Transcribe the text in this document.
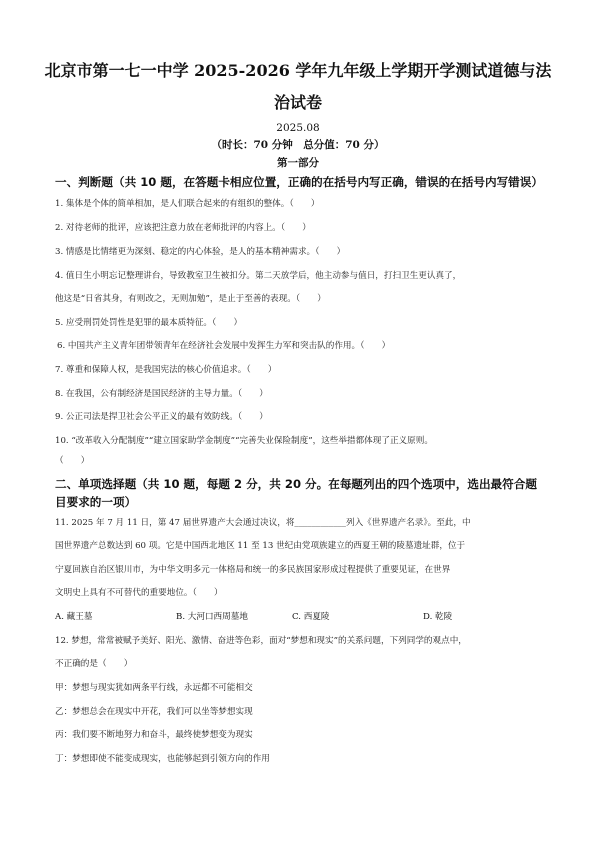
北京市第一七一中学 2025-2026 学年九年级上学期开学测试道德与法
治试卷
2025.08
（时长：70 分钟　总分值：70 分）
第一部分
一、判断题（共 10 题，在答题卡相应位置，正确的在括号内写正确，错误的在括号内写错误）
1. 集体是个体的简单相加，是人们联合起来的有组织的整体。（　　）
2. 对待老师的批评，应该把注意力放在老师批评的内容上。（　　）
3. 情感是比情绪更为深刻、稳定的内心体验，是人的基本精神需求。（　　）
4. 值日生小明忘记整理讲台，导致教室卫生被扣分。第二天放学后，他主动参与值日，打扫卫生更认真了，
他这是“日省其身，有则改之，无则加勉”，是止于至善的表现。（　　）
5. 应受刑罚处罚性是犯罪的最本质特征。（　　）
6. 中国共产主义青年团带领青年在经济社会发展中发挥生力军和突击队的作用。（　　）
7. 尊重和保障人权，是我国宪法的核心价值追求。（　　）
8. 在我国，公有制经济是国民经济的主导力量。（　　）
9. 公正司法是捍卫社会公平正义的最有效防线。（　　）
10. “改革收入分配制度”“建立国家助学金制度”“完善失业保险制度”，这些举措都体现了正义原则。
（　　）
二、单项选择题（共 10 题，每题 2 分，共 20 分。在每题列出的四个选项中，选出最符合题
目要求的一项）
11. 2025 年 7 月 11 日，第 47 届世界遗产大会通过决议，将____________列入《世界遗产名录》。至此，中
国世界遗产总数达到 60 项。它是中国西北地区 11 至 13 世纪由党项族建立的西夏王朝的陵墓遗址群，位于
宁夏回族自治区银川市，为中华文明多元一体格局和统一的多民族国家形成过程提供了重要见证，在世界
文明史上具有不可替代的重要地位。（　　）
A. 藏王墓	B. 大河口西周墓地	C. 西夏陵	D. 乾陵
12. 梦想，常常被赋予美好、阳光、激情、奋进等色彩，面对“梦想和现实”的关系问题，下列同学的观点中，
不正确的是（　　）
甲：梦想与现实犹如两条平行线，永远都不可能相交
乙：梦想总会在现实中开花，我们可以坐等梦想实现
丙：我们要不断地努力和奋斗，最终使梦想变为现实
丁：梦想即使不能变成现实，也能够起到引领方向的作用
